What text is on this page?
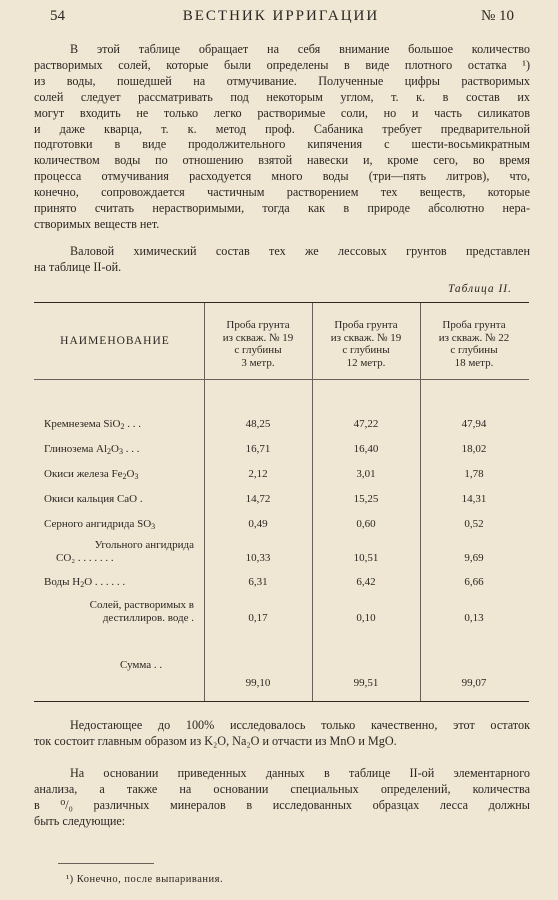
54	ВЕСТНИК ИРРИГАЦИИ	№ 10
В этой таблице обращает на себя внимание большое количество
растворимых солей, которые были определены в виде плотного остатка ¹)
из воды, пошедшей на отмучивание. Полученные цифры растворимых
солей следует рассматривать под некоторым углом, т. к. в состав их
могут входить не только легко растворимые соли, но и часть силикатов
и даже кварца, т. к. метод проф. Сабаника требует предварительной
подготовки в виде продолжительного кипячения с шести-восьмикратным
количеством воды по отношению взятой навески и, кроме сего, во время
процесса отмучивания расходуется много воды (три—пять литров), что,
конечно, сопровождается частичным растворением тех веществ, которые
принято считать нерастворимыми, тогда как в природе абсолютно нера-
створимых веществ нет.
Валовой химический состав тех же лессовых грунтов представлен
на таблице II-ой.
Таблица II.
НАИМЕНОВАНИЕ
Проба грунта
из скваж. № 19
с глубины
3 метр.
Проба грунта
из скваж. № 19
с глубины
12 метр.
Проба грунта
из скваж. № 22
с глубины
18 метр.
Кремнезема SiO$_2$ . . .	48,25	47,22	47,94
Глинозема $Al_2O_3$ . . .	16,71	16,40	18,02
Окиси железа $Fe_2O_3$	2,12	3,01	1,78
Окиси кальция CaO .	14,72	15,25	14,31
Серного ангидрида $SO_3$	0,49	0,60	0,52
Угольного ангидрида
CO₂ . . . . . . .	10,33	10,51	9,69
Воды $H_2O$ . . . . . .	6,31	6,42	6,66
Солей, растворимых в
дестиллиров. воде .	0,17	0,10	0,13
Сумма . .
99,10	99,51	99,07
Недостающее до 100% исследовалось только качественно, этот остаток
ток состоит главным образом из K₂O, Na₂O и отчасти из MnO и MgO.
На основании приведенных данных в таблице II-ой элементарного
анализа, а также на основании специальных определений, количества
в ⁰/₀ различных минералов в исследованных образцах лесса должны
быть следующие:
¹) Конечно, после выпаривания.
